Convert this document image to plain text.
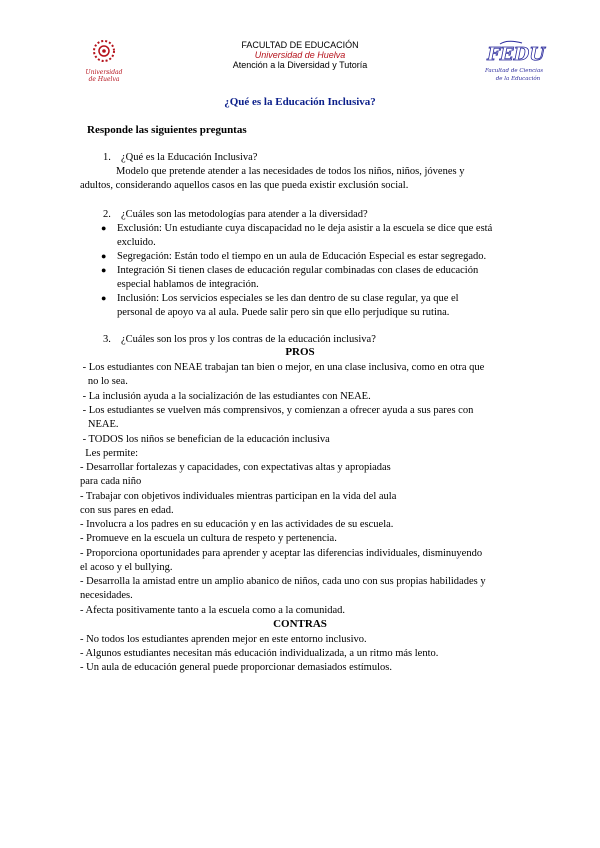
Universidad
de Huelva
FACULTAD DE EDUCACIÓN
Universidad de Huelva
Atención a la Diversidad y Tutoría	FEDU
Facultad de Ciencias
de la Educación
¿Qué es la Educación Inclusiva?
Responde las siguientes preguntas
1. ¿Qué es la Educación Inclusiva?
Modelo que pretende atender a las necesidades de todos los niños, niños, jóvenes y
adultos, considerando aquellos casos en las que pueda existir exclusión social.
2. ¿Cuáles son las metodologías para atender a la diversidad?
● Exclusión: Un estudiante cuya discapacidad no le deja asistir a la escuela se dice que está
excluido.
● Segregación: Están todo el tiempo en un aula de Educación Especial es estar segregado.
● Integración Si tienen clases de educación regular combinadas con clases de educación
especial hablamos de integración.
● Inclusión: Los servicios especiales se les dan dentro de su clase regular, ya que el
personal de apoyo va al aula. Puede salir pero sin que ello perjudique su rutina.
3. ¿Cuáles son los pros y los contras de la educación inclusiva?
PROS
- Los estudiantes con NEAE trabajan tan bien o mejor, en una clase inclusiva, como en otra que
no lo sea.
- La inclusión ayuda a la socialización de las estudiantes con NEAE.
- Los estudiantes se vuelven más comprensivos, y comienzan a ofrecer ayuda a sus pares con
NEAE.
- TODOS los niños se benefician de la educación inclusiva
Les permite:
- Desarrollar fortalezas y capacidades, con expectativas altas y apropiadas
para cada niño
- Trabajar con objetivos individuales mientras participan en la vida del aula
con sus pares en edad.
- Involucra a los padres en su educación y en las actividades de su escuela.
- Promueve en la escuela un cultura de respeto y pertenencia.
- Proporciona oportunidades para aprender y aceptar las diferencias individuales, disminuyendo
el acoso y el bullying.
- Desarrolla la amistad entre un amplio abanico de niños, cada uno con sus propias habilidades y
necesidades.
- Afecta positivamente tanto a la escuela como a la comunidad.
CONTRAS
- No todos los estudiantes aprenden mejor en este entorno inclusivo.
- Algunos estudiantes necesitan más educación individualizada, a un ritmo más lento.
- Un aula de educación general puede proporcionar demasiados estímulos.
